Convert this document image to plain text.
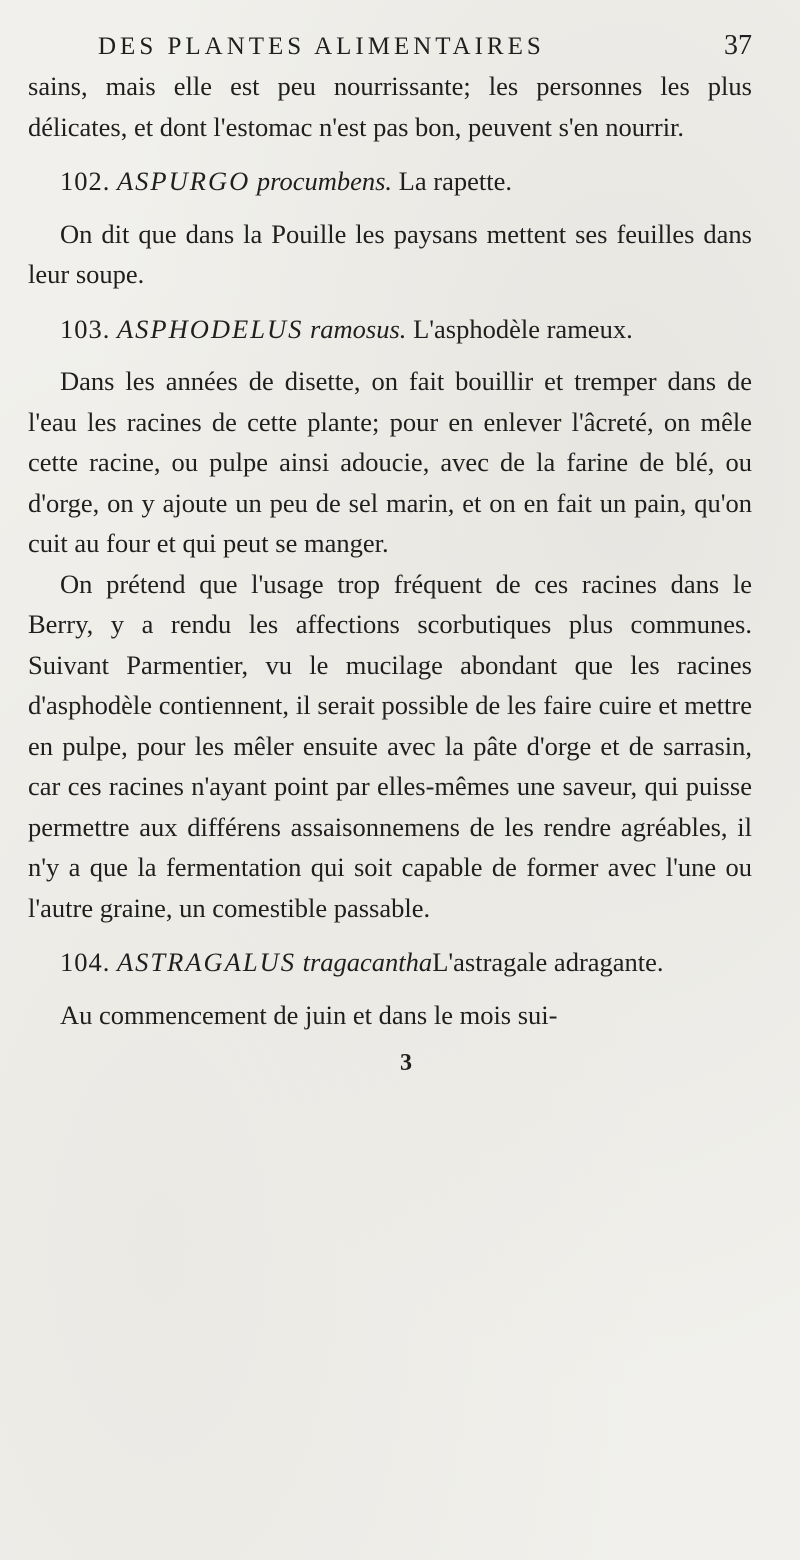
DES PLANTES ALIMENTAIRES	37

sains, mais elle est peu nourrissante; les personnes les plus délicates, et dont l'estomac n'est pas bon, peuvent s'en nourrir.

102. ASPURGO procumbens. La rapette.

On dit que dans la Pouille les paysans mettent ses feuilles dans leur soupe.

103. ASPHODELUS ramosus. L'asphodèle rameux.

Dans les années de disette, on fait bouillir et tremper dans de l'eau les racines de cette plante; pour en enlever l'âcreté, on mêle cette racine, ou pulpe ainsi adoucie, avec de la farine de blé, ou d'orge, on y ajoute un peu de sel marin, et on en fait un pain, qu'on cuit au four et qui peut se manger.

On prétend que l'usage trop fréquent de ces racines dans le Berry, y a rendu les affections scorbutiques plus communes. Suivant Parmentier, vu le mucilage abondant que les racines d'asphodèle contiennent, il serait possible de les faire cuire et mettre en pulpe, pour les mêler ensuite avec la pâte d'orge et de sarrasin, car ces racines n'ayant point par elles-mêmes une saveur, qui puisse permettre aux différens assaisonnemens de les rendre agréables, il n'y a que la fermentation qui soit capable de former avec l'une ou l'autre graine, un comestible passable.

104. ASTRAGALUS tragacanthaL'astragale adragante.

Au commencement de juin et dans le mois sui-

3
